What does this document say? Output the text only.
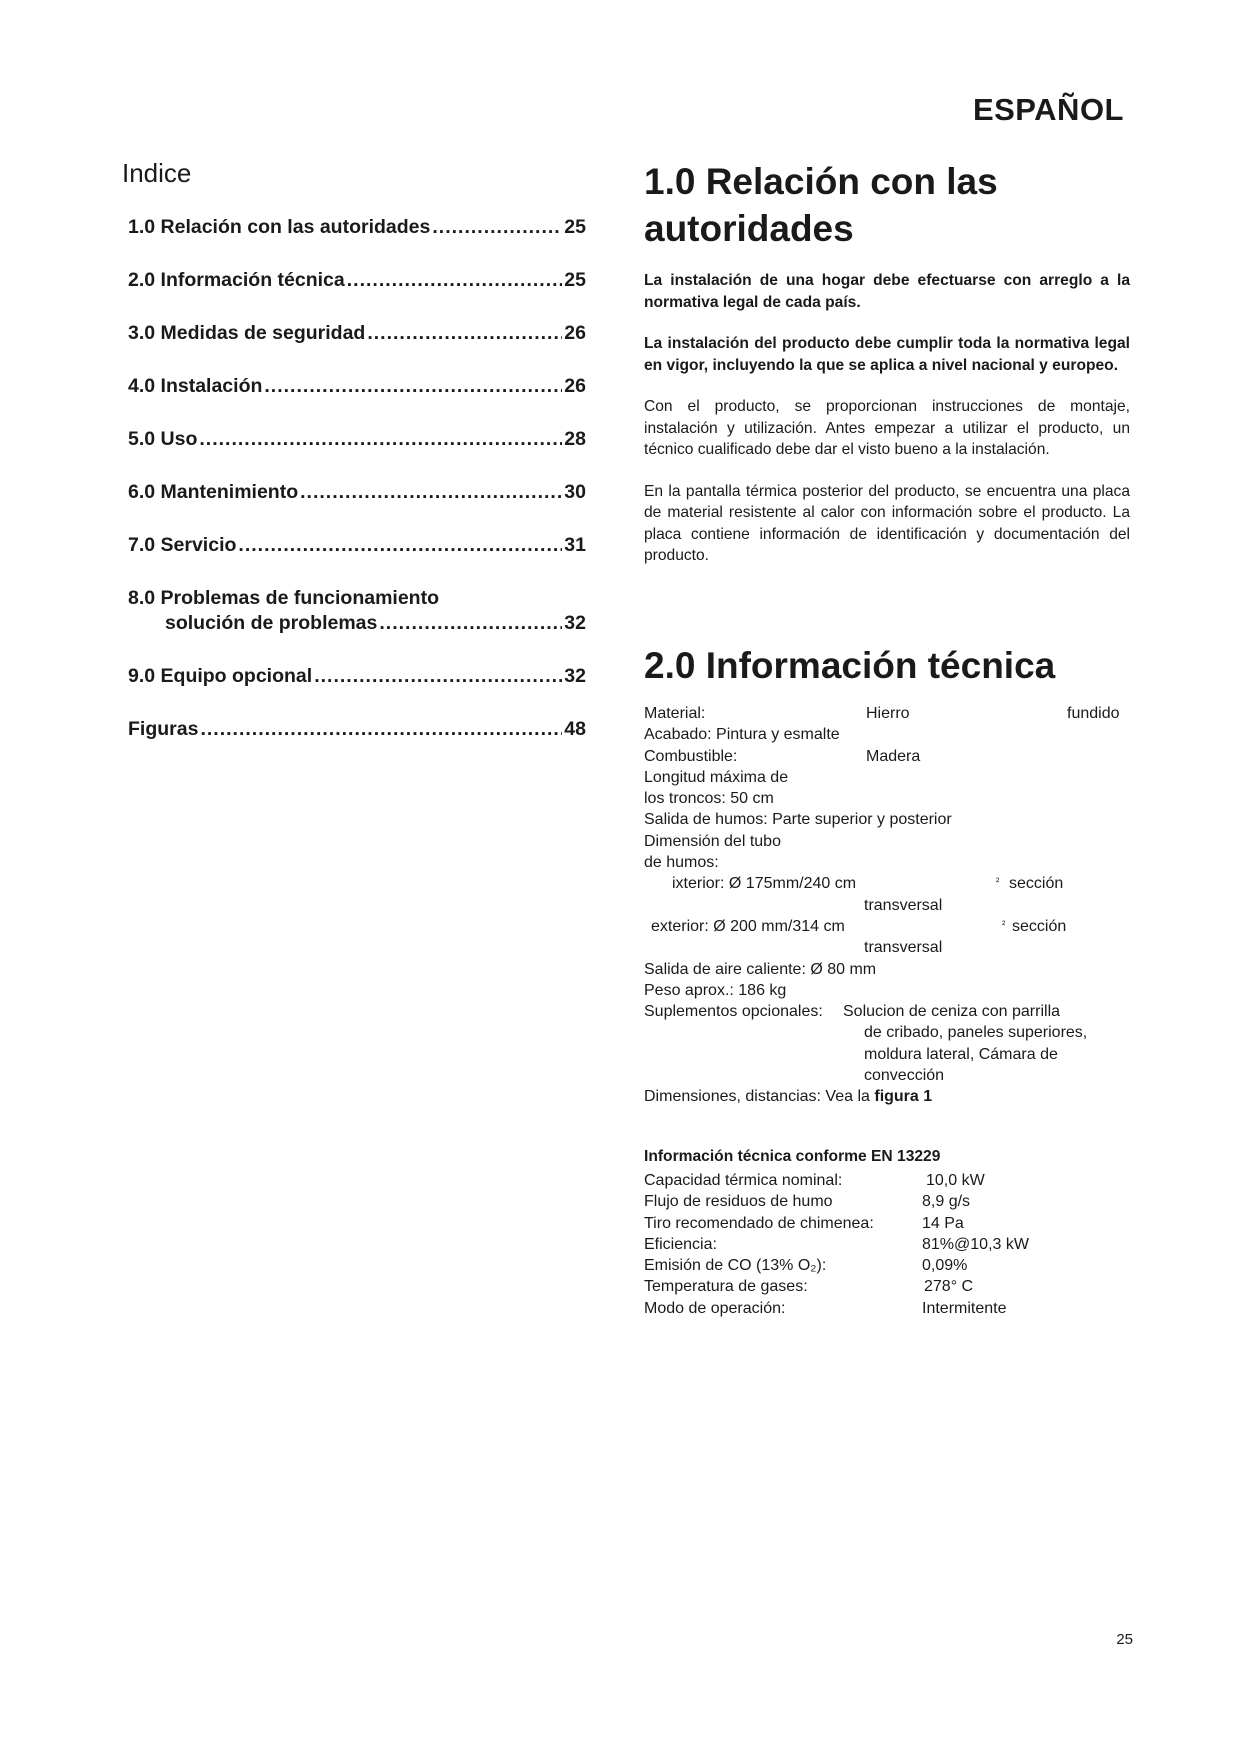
ESPAÑOL
Indice
1.0 Relación con las autoridades .....	25
2.0 Información técnica .....	25
3.0 Medidas de seguridad .....	26
4.0 Instalación .....	26
5.0 Uso .....	28
6.0 Mantenimiento .....	30
7.0 Servicio .....	31
8.0 Problemas de funcionamiento
solución de problemas .....	32
9.0 Equipo opcional .....	32
Figuras .....	48
1.0 Relación con las
autoridades

La instalación de una hogar debe efectuarse con arreglo a la normativa legal de cada país.

La instalación del producto debe cumplir toda la normativa legal en vigor, incluyendo la que se aplica a nivel nacional y europeo.

Con el producto, se proporcionan instrucciones de montaje, instalación y utilización. Antes empezar a utilizar el producto, un técnico cualificado debe dar el visto bueno a la instalación.

En la pantalla térmica posterior del producto, se encuentra una placa de material resistente al calor con información sobre el producto. La placa contiene información de identificación y documentación del producto.

2.0 Información técnica
Material:	Hierro	fundido
Acabado: Pintura y esmalte
Combustible:	Madera
Longitud máxima de
los troncos: 50 cm
Salida de humos: Parte superior y posterior
Dimensión del tubo
de humos:
ixterior: Ø 175mm/240 cm	² sección
transversal
exterior: Ø 200 mm/314 cm	² sección
transversal
Salida de aire caliente: Ø 80 mm
Peso aprox.: 186 kg
Suplementos opcionales: Solucion de ceniza con parrilla
de cribado, paneles superiores,
moldura lateral, Cámara de
convección
Dimensiones, distancias: Vea la figura 1
Información técnica conforme EN 13229
Capacidad térmica nominal:	10,0 kW
Flujo de residuos de humo	8,9 g/s
Tiro recomendado de chimenea:	14 Pa
Eficiencia:	81%@10,3 kW
Emisión de CO (13% O₂):	0,09%
Temperatura de gases:	278° C
Modo de operación:	Intermitente
25
